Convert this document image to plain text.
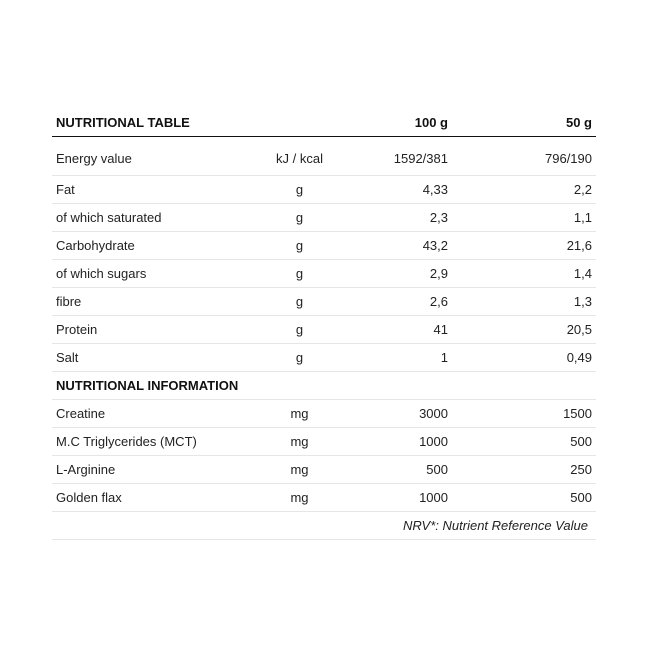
NUTRITIONAL TABLE		100 g	50 g
Energy value	kJ / kcal	1592/381	796/190
Fat	g	4,33	2,2
of which saturated	g	2,3	1,1
Carbohydrate	g	43,2	21,6
of which sugars	g	2,9	1,4
fibre	g	2,6	1,3
Protein	g	41	20,5
Salt	g	1	0,49
NUTRITIONAL INFORMATION			
Creatine	mg	3000	1500
M.C Triglycerides (MCT)	mg	1000	500
L-Arginine	mg	500	250
Golden flax	mg	1000	500
NRV*: Nutrient Reference Value			
